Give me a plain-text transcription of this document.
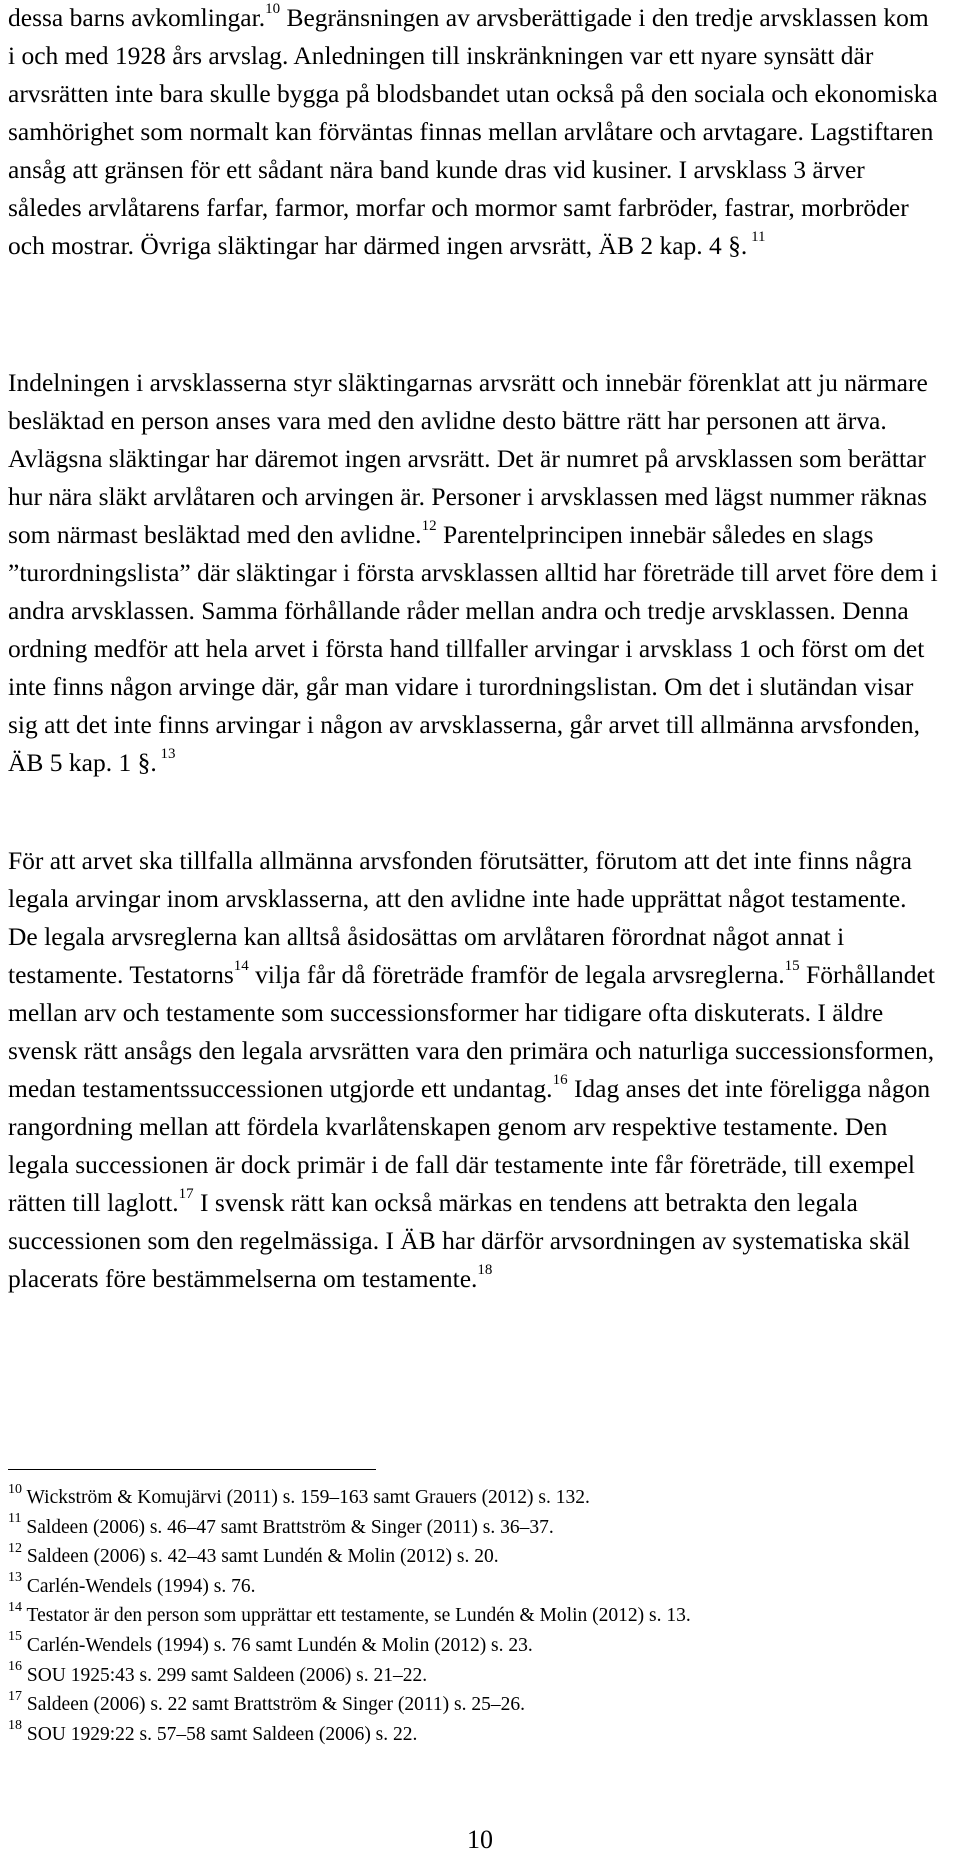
dessa barns avkomlingar.$^{10}$ Begränsningen av arvsberättigade i den tredje arvsklassen kom i och med 1928 års arvslag. Anledningen till inskränkningen var ett nyare synsätt där arvsrätten inte bara skulle bygga på blodsbandet utan också på den sociala och ekonomiska samhörighet som normalt kan förväntas finnas mellan arvlåtare och arvtagare. Lagstiftaren ansåg att gränsen för ett sådant nära band kunde dras vid kusiner. I arvsklass 3 ärver således arvlåtarens farfar, farmor, morfar och mormor samt farbröder, fastrar, morbröder och mostrar. Övriga släktingar har därmed ingen arvsrätt, ÄB 2 kap. 4 §. $^{11}$

Indelningen i arvsklasserna styr släktingarnas arvsrätt och innebär förenklat att ju närmare besläktad en person anses vara med den avlidne desto bättre rätt har personen att ärva. Avlägsna släktingar har däremot ingen arvsrätt. Det är numret på arvsklassen som berättar hur nära släkt arvlåtaren och arvingen är. Personer i arvsklassen med lägst nummer räknas som närmast besläktad med den avlidne.$^{12}$ Parentelprincipen innebär således en slags ”turordningslista” där släktingar i första arvsklassen alltid har företräde till arvet före dem i andra arvsklassen. Samma förhållande råder mellan andra och tredje arvsklassen. Denna ordning medför att hela arvet i första hand tillfaller arvingar i arvsklass 1 och först om det inte finns någon arvinge där, går man vidare i turordningslistan. Om det i slutändan visar sig att det inte finns arvingar i någon av arvsklasserna, går arvet till allmänna arvsfonden, ÄB 5 kap. 1 §. $^{13}$

För att arvet ska tillfalla allmänna arvsfonden förutsätter, förutom att det inte finns några legala arvingar inom arvsklasserna, att den avlidne inte hade upprättat något testamente. De legala arvsreglerna kan alltså åsidosättas om arvlåtaren förordnat något annat i testamente. Testatorns$^{14}$ vilja får då företräde framför de legala arvsreglerna.$^{15}$ Förhållandet mellan arv och testamente som successionsformer har tidigare ofta diskuterats. I äldre svensk rätt ansågs den legala arvsrätten vara den primära och naturliga successionsformen, medan testamentssuccessionen utgjorde ett undantag.$^{16}$ Idag anses det inte föreligga någon rangordning mellan att fördela kvarlåtenskapen genom arv respektive testamente. Den legala successionen är dock primär i de fall där testamente inte får företräde, till exempel rätten till laglott.$^{17}$ I svensk rätt kan också märkas en tendens att betrakta den legala successionen som den regelmässiga. I ÄB har därför arvsordningen av systematiska skäl placerats före bestämmelserna om testamente.$^{18}$

$^{10}$ Wickström & Komujärvi (2011) s. 159–163 samt Grauers (2012) s. 132.
$^{11}$ Saldeen (2006) s. 46–47 samt Brattström & Singer (2011) s. 36–37.
$^{12}$ Saldeen (2006) s. 42–43 samt Lundén & Molin (2012) s. 20.
$^{13}$ Carlén-Wendels (1994) s. 76.
$^{14}$ Testator är den person som upprättar ett testamente, se Lundén & Molin (2012) s. 13.
$^{15}$ Carlén-Wendels (1994) s. 76 samt Lundén & Molin (2012) s. 23.
$^{16}$ SOU 1925:43 s. 299 samt Saldeen (2006) s. 21–22.
$^{17}$ Saldeen (2006) s. 22 samt Brattström & Singer (2011) s. 25–26.
$^{18}$ SOU 1929:22 s. 57–58 samt Saldeen (2006) s. 22.
10
